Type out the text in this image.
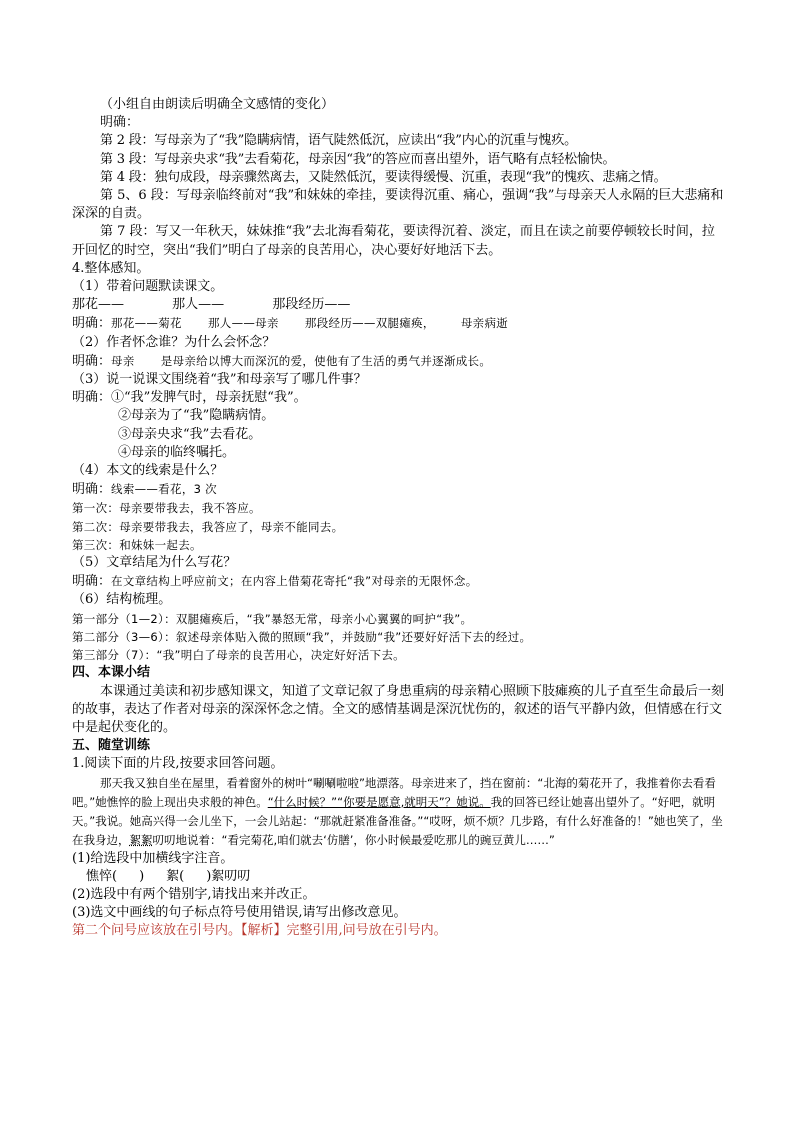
（小组自由朗读后明确全文感情的变化）

明确：

第 2 段：写母亲为了“我”隐瞒病情，语气陡然低沉，应读出“我”内心的沉重与愧疚。

第 3 段：写母亲央求“我”去看菊花，母亲因“我”的答应而喜出望外，语气略有点轻松愉快。

第 4 段：独句成段，母亲骤然离去，又陡然低沉，要读得缓慢、沉重，表现“我”的愧疚、悲痛之情。

第 5、6 段：写母亲临终前对“我”和妹妹的牵挂，要读得沉重、痛心，强调“我”与母亲天人永隔的巨大悲痛和深深的自责。

第 7 段：写又一年秋天，妹妹推“我”去北海看菊花，要读得沉着、淡定，而且在读之前要停顿较长时间，拉开回忆的时空，突出“我们”明白了母亲的良苦用心，决心要好好地活下去。

4.整体感知。

（1）带着问题默读课文。

那花——	那人——	那段经历——

明确：那花——菊花 那人——母亲 那段经历——双腿瘫痪， 母亲病逝

（2）作者怀念谁？为什么会怀念？

明确：母亲 是母亲给以博大而深沉的爱，使他有了生活的勇气并逐渐成长。

（3）说一说课文围绕着“我”和母亲写了哪几件事？

明确：①“我”发脾气时，母亲抚慰“我”。

②母亲为了“我”隐瞒病情。

③母亲央求“我”去看花。

④母亲的临终嘱托。

（4）本文的线索是什么？

明确：线索——看花，3 次

第一次：母亲要带我去，我不答应。

第二次：母亲要带我去，我答应了，母亲不能同去。

第三次：和妹妹一起去。

（5）文章结尾为什么写花？

明确：在文章结构上呼应前文；在内容上借菊花寄托“我”对母亲的无限怀念。

（6）结构梳理。

第一部分（1—2）：双腿瘫痪后，“我”暴怒无常，母亲小心翼翼的呵护“我”。

第二部分（3—6）：叙述母亲体贴入微的照顾“我”，并鼓励“我”还要好好活下去的经过。

第三部分（7）：“我”明白了母亲的良苦用心，决定好好活下去。

四、本课小结

本课通过美读和初步感知课文，知道了文章记叙了身患重病的母亲精心照顾下肢瘫痪的儿子直至生命最后一刻的故事，表达了作者对母亲的深深怀念之情。全文的感情基调是深沉忧伤的，叙述的语气平静内敛，但情感在行文中是起伏变化的。

五、随堂训练

1.阅读下面的片段,按要求回答问题。

那天我又独自坐在屋里，看着窗外的树叶“唰唰啦啦”地漂落。母亲进来了，挡在窗前：“北海的菊花开了，我推着你去看看吧。”她憔悴的脸上现出央求般的神色。“什么时候？”“你要是愿意,就明天”？她说。我的回答已经让她喜出望外了。“好吧，就明天。”我说。她高兴得一会儿坐下，一会儿站起：“那就赶紧准备准备。”“哎呀，烦不烦？几步路，有什么好准备的！”她也笑了，坐在我身边，絮絮叨叨地说着：“看完菊花,咱们就去‘仿膳’，你小时候最爱吃那儿的豌豆黄儿……”

(1)给选段中加横线字注音。

憔悴( ) 絮( )絮叨叨

(2)选段中有两个错别字,请找出来并改正。

(3)选文中画线的句子标点符号使用错误,请写出修改意见。

第二个问号应该放在引号内。【解析】完整引用,问号放在引号内。
